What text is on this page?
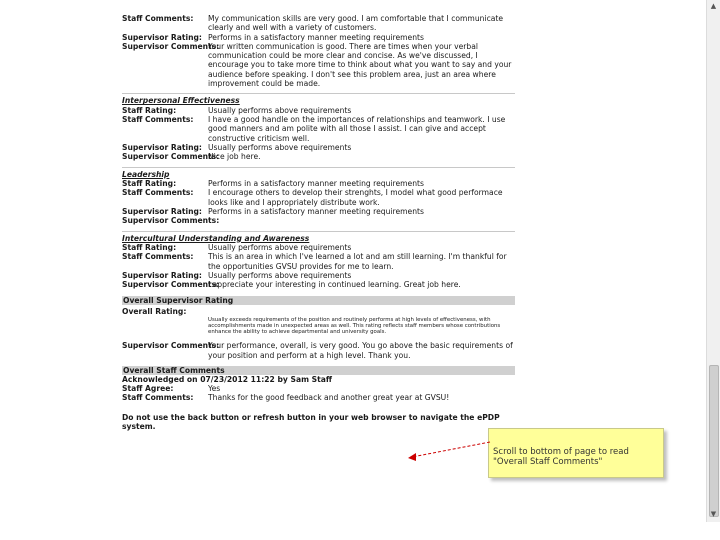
Staff Comments:	My communication skills are very good. I am comfortable that I communicate clearly and well with a variety of customers.
Supervisor Rating: Performs in a satisfactory manner meeting requirements
Supervisor Comments:
Your written communication is good. There are times when your verbal communication could be more clear and concise. As we've discussed, I encourage you to take more time to think about what you want to say and your audience before speaking. I don't see this problem area, just an area where improvement could be made.
Interpersonal Effectiveness
Staff Rating:	Usually performs above requirements
Staff Comments:	I have a good handle on the importances of relationships and teamwork. I use good manners and am polite with all those I assist. I can give and accept constructive criticism well.
Supervisor Rating: Usually performs above requirements
Supervisor Comments:
Nice job here.
Leadership
Staff Rating:	Performs in a satisfactory manner meeting requirements
Staff Comments:	I encourage others to develop their strenghts, I model what good performace looks like and I appropriately distribute work.
Supervisor Rating: Performs in a satisfactory manner meeting requirements
Supervisor Comments:
Intercultural Understanding and Awareness
Staff Rating:	Usually performs above requirements
Staff Comments:	This is an area in which I've learned a lot and am still learning. I'm thankful for the opportunities GVSU provides for me to learn.
Supervisor Rating: Usually performs above requirements
Supervisor Comments:
I appreciate your interesting in continued learning. Great job here.
Overall Supervisor Rating
Overall Rating:
Usually exceeds requirements of the position and routinely performs at high levels of effectiveness, with accomplishments made in unexpected areas as well. This rating reflects staff members whose contributions enhance the ability to achieve departmental and university goals.
Supervisor Comments:
Your performance, overall, is very good. You go above the basic requirements of your position and perform at a high level. Thank you.
Overall Staff Comments
Acknowledged on 07/23/2012 11:22 by Sam Staff
Staff Agree:	Yes
Staff Comments:	Thanks for the good feedback and another great year at GVSU!
Do not use the back button or refresh button in your web browser to navigate the ePDP system.
Scroll to bottom of page to read "Overall Staff Comments"
▲
▼
